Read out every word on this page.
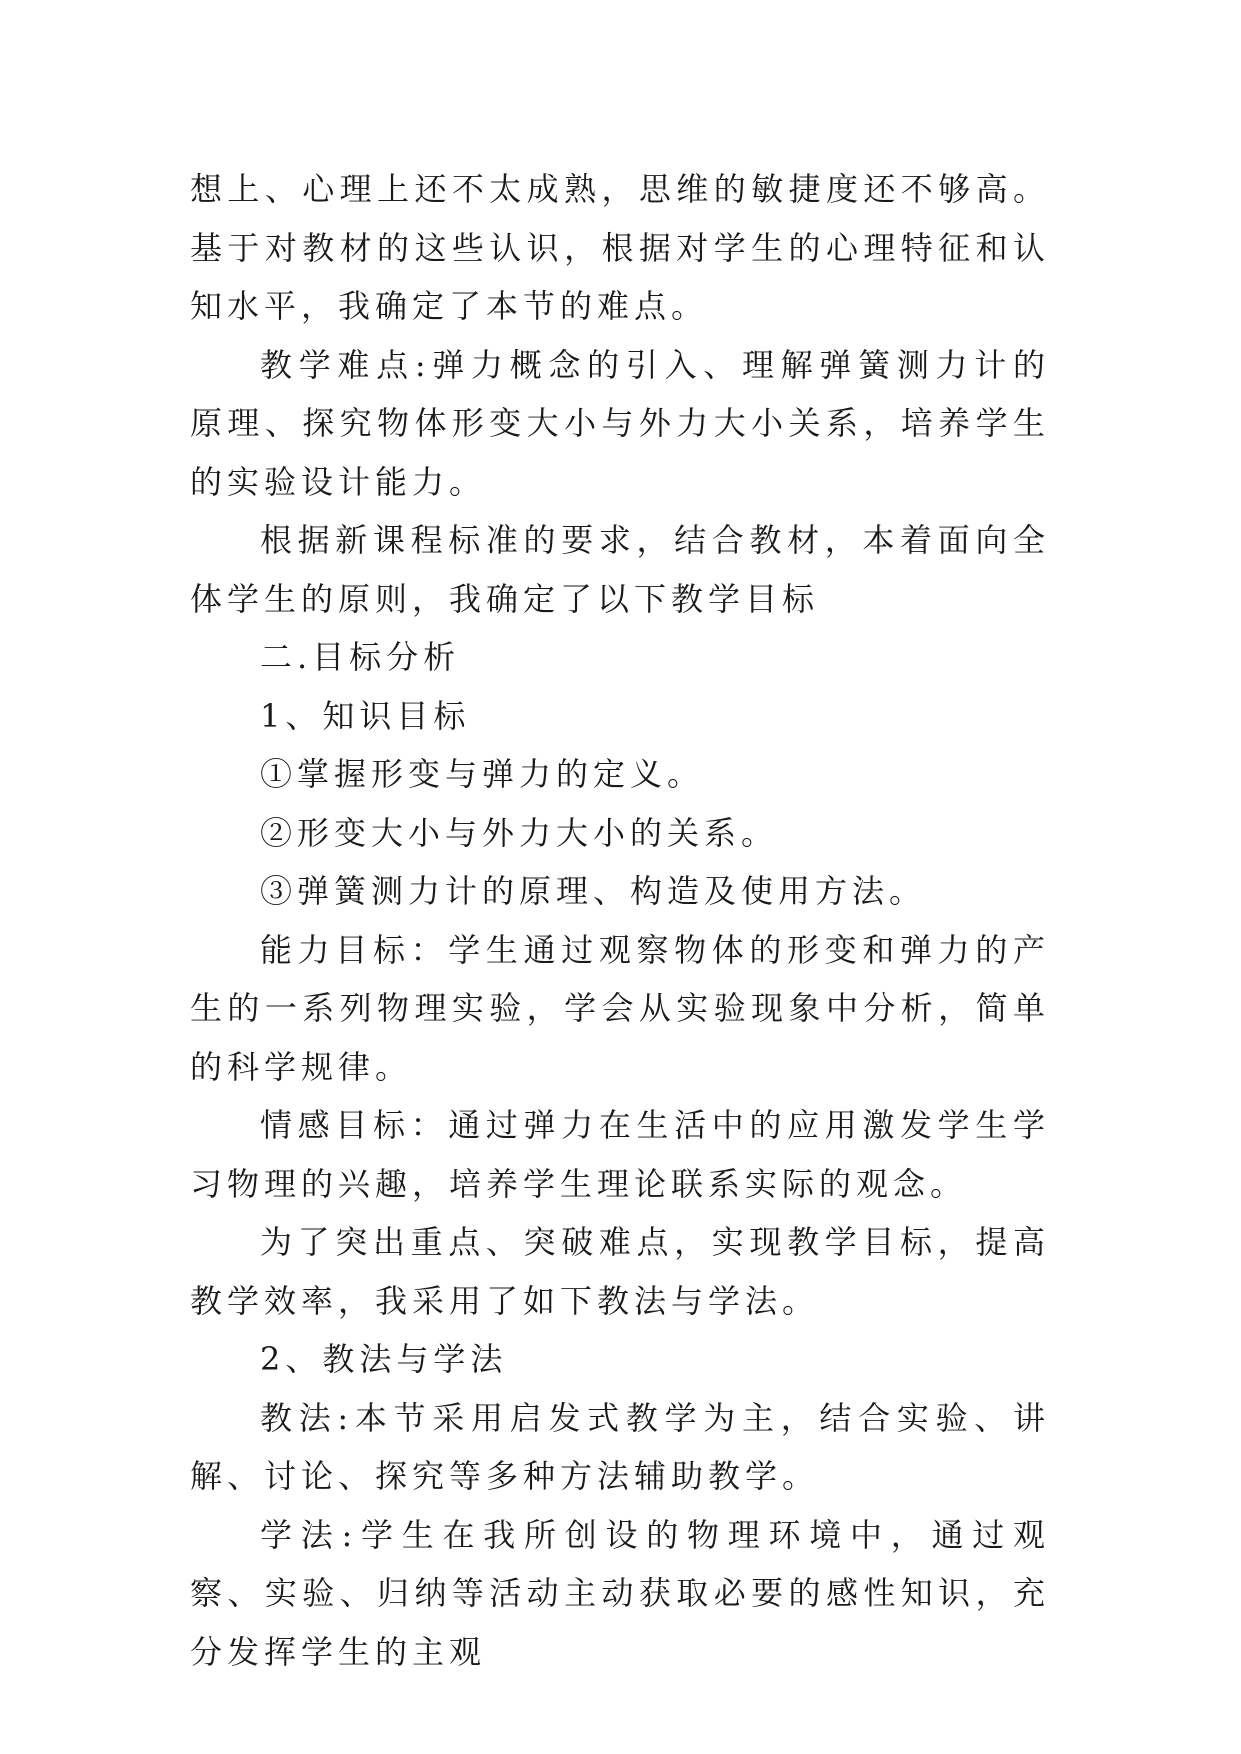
想上、心理上还不太成熟，思维的敏捷度还不够高。基于对教材的这些认识，根据对学生的心理特征和认知水平，我确定了本节的难点。

教学难点:弹力概念的引入、理解弹簧测力计的原理、探究物体形变大小与外力大小关系，培养学生的实验设计能力。

根据新课程标准的要求，结合教材，本着面向全体学生的原则，我确定了以下教学目标

二.目标分析

1、知识目标

①掌握形变与弹力的定义。

②形变大小与外力大小的关系。

③弹簧测力计的原理、构造及使用方法。

能力目标：学生通过观察物体的形变和弹力的产生的一系列物理实验，学会从实验现象中分析，简单的科学规律。

情感目标：通过弹力在生活中的应用激发学生学习物理的兴趣，培养学生理论联系实际的观念。

为了突出重点、突破难点，实现教学目标，提高教学效率，我采用了如下教法与学法。

2、教法与学法

教法:本节采用启发式教学为主，结合实验、讲解、讨论、探究等多种方法辅助教学。

学法:学生在我所创设的物理环境中，通过观察、实验、归纳等活动主动获取必要的感性知识，充分发挥学生的主观
